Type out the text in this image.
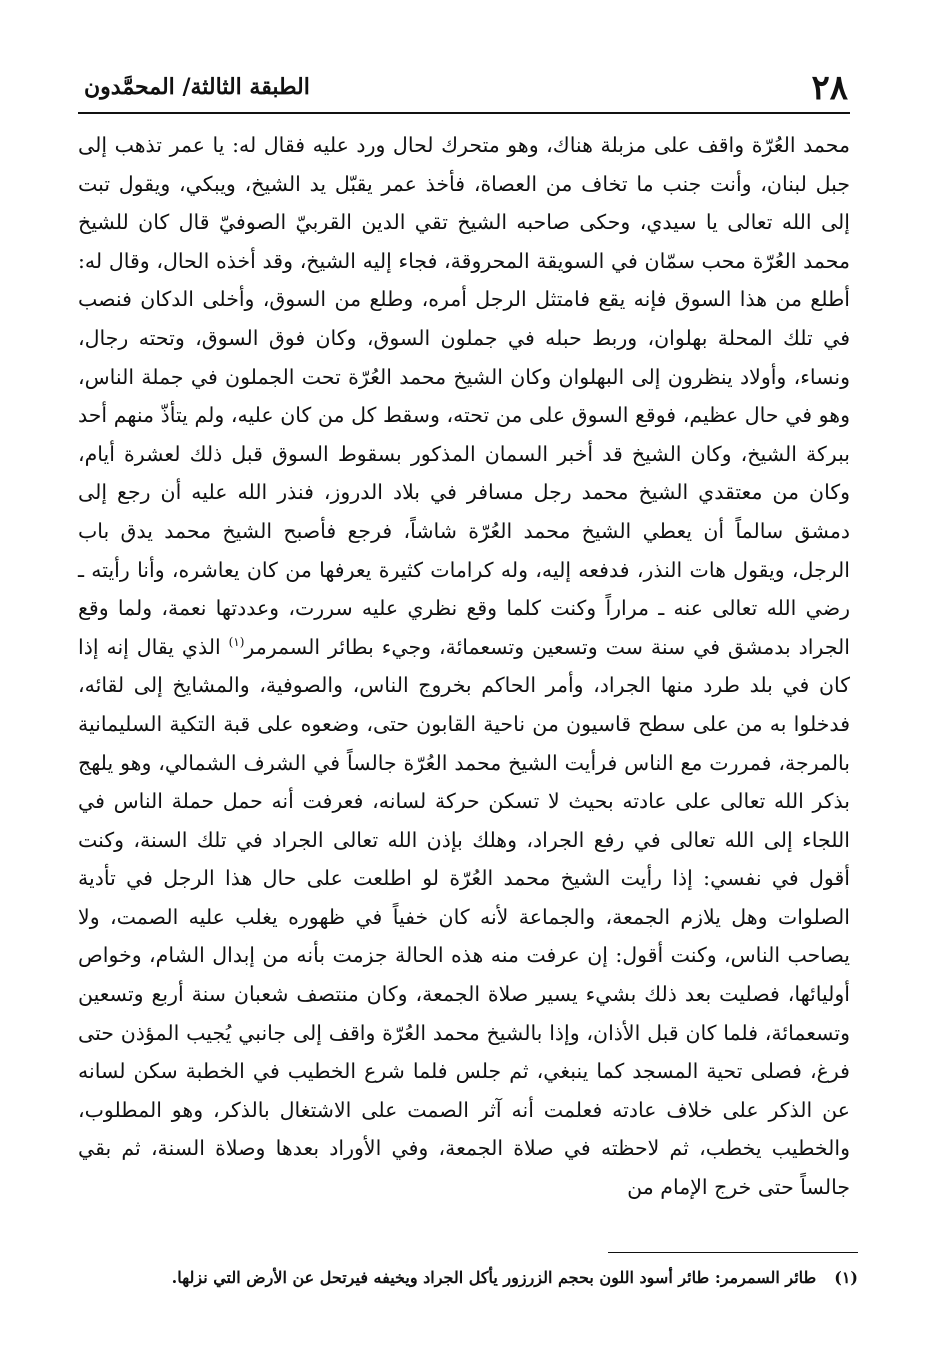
٢٨
الطبقة الثالثة/ المحمَّدون

محمد العُرّة واقف على مزبلة هناك، وهو متحرك لحال ورد عليه فقال له: يا عمر تذهب إلى جبل لبنان، وأنت جنب ما تخاف من العصاة، فأخذ عمر يقبّل يد الشيخ، ويبكي، ويقول تبت إلى الله تعالى يا سيدي، وحكى صاحبه الشيخ تقي الدين القربيّ الصوفيّ قال كان للشيخ محمد العُرّة محب سمّان في السويقة المحروقة، فجاء إليه الشيخ، وقد أخذه الحال، وقال له: أطلع من هذا السوق فإنه يقع فامتثل الرجل أمره، وطلع من السوق، وأخلى الدكان فنصب في تلك المحلة بهلوان، وربط حبله في جملون السوق، وكان فوق السوق، وتحته رجال، ونساء، وأولاد ينظرون إلى البهلوان وكان الشيخ محمد العُرّة تحت الجملون في جملة الناس، وهو في حال عظيم، فوقع السوق على من تحته، وسقط كل من كان عليه، ولم يتأذّ منهم أحد ببركة الشيخ، وكان الشيخ قد أخبر السمان المذكور بسقوط السوق قبل ذلك لعشرة أيام، وكان من معتقدي الشيخ محمد رجل مسافر في بلاد الدروز، فنذر الله عليه أن رجع إلى دمشق سالماً أن يعطي الشيخ محمد العُرّة شاشاً، فرجع فأصبح الشيخ محمد يدق باب الرجل، ويقول هات النذر، فدفعه إليه، وله كرامات كثيرة يعرفها من كان يعاشره، وأنا رأيته ـ رضي الله تعالى عنه ـ مراراً وكنت كلما وقع نظري عليه سررت، وعددتها نعمة، ولما وقع الجراد بدمشق في سنة ست وتسعين وتسعمائة، وجيء بطائر السمرمر$^{(١)}$ الذي يقال إنه إذا كان في بلد طرد منها الجراد، وأمر الحاكم بخروج الناس، والصوفية، والمشايخ إلى لقائه، فدخلوا به من على سطح قاسيون من ناحية القابون حتى، وضعوه على قبة التكية السليمانية بالمرجة، فمررت مع الناس فرأيت الشيخ محمد العُرّة جالساً في الشرف الشمالي، وهو يلهج بذكر الله تعالى على عادته بحيث لا تسكن حركة لسانه، فعرفت أنه حمل حملة الناس في اللجاء إلى الله تعالى في رفع الجراد، وهلك بإذن الله تعالى الجراد في تلك السنة، وكنت أقول في نفسي: إذا رأيت الشيخ محمد العُرّة لو اطلعت على حال هذا الرجل في تأدية الصلوات وهل يلازم الجمعة، والجماعة لأنه كان خفياً في ظهوره يغلب عليه الصمت، ولا يصاحب الناس، وكنت أقول: إن عرفت منه هذه الحالة جزمت بأنه من إبدال الشام، وخواص أوليائها، فصليت بعد ذلك بشيء يسير صلاة الجمعة، وكان منتصف شعبان سنة أربع وتسعين وتسعمائة، فلما كان قبل الأذان، وإذا بالشيخ محمد العُرّة واقف إلى جانبي يُجيب المؤذن حتى فرغ، فصلى تحية المسجد كما ينبغي، ثم جلس فلما شرع الخطيب في الخطبة سكن لسانه عن الذكر على خلاف عادته فعلمت أنه آثر الصمت على الاشتغال بالذكر، وهو المطلوب، والخطيب يخطب، ثم لاحظته في صلاة الجمعة، وفي الأوراد بعدها وصلاة السنة، ثم بقي جالساً حتى خرج الإمام من

(١)طائر السمرمر: طائر أسود اللون بحجم الزرزور يأكل الجراد ويخيفه فيرتحل عن الأرض التي نزلها.
